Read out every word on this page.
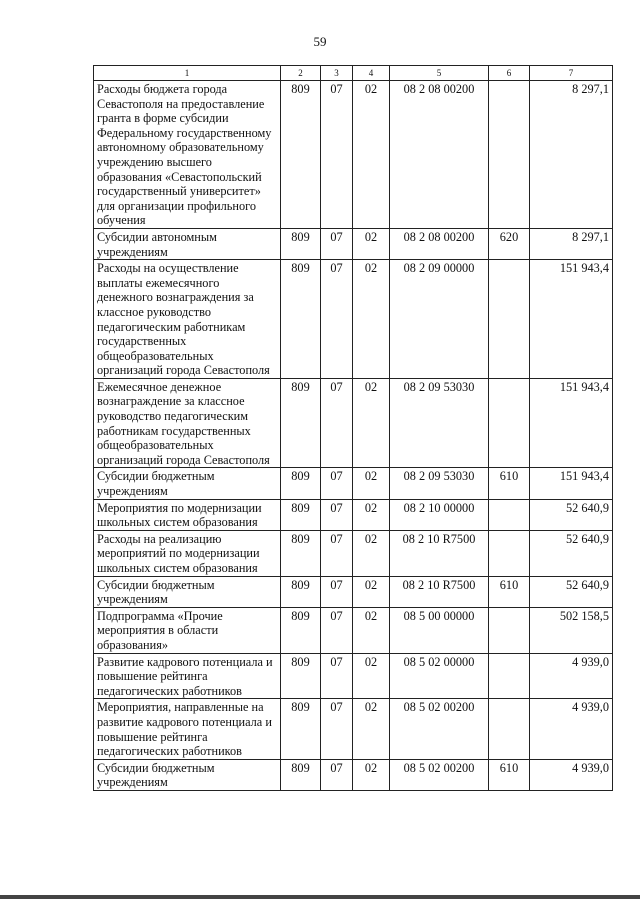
59
1	2	3	4	5	6	7
Расходы бюджета города Севастополя на предоставление гранта в форме субсидии Федеральному государственному автономному образовательному учреждению высшего образования «Севастопольский государственный университет» для организации профильного обучения	809	07	02	08 2 08 00200		8 297,1
Субсидии автономным учреждениям	809	07	02	08 2 08 00200	620	8 297,1
Расходы на осуществление выплаты ежемесячного денежного вознаграждения за классное руководство педагогическим работникам государственных общеобразовательных организаций города Севастополя	809	07	02	08 2 09 00000		151 943,4
Ежемесячное денежное вознаграждение за классное руководство педагогическим работникам государственных общеобразовательных организаций города Севастополя	809	07	02	08 2 09 53030		151 943,4
Субсидии бюджетным учреждениям	809	07	02	08 2 09 53030	610	151 943,4
Мероприятия по модернизации школьных систем образования	809	07	02	08 2 10 00000		52 640,9
Расходы на реализацию мероприятий по модернизации школьных систем образования	809	07	02	08 2 10 R7500		52 640,9
Субсидии бюджетным учреждениям	809	07	02	08 2 10 R7500	610	52 640,9
Подпрограмма «Прочие мероприятия в области образования»	809	07	02	08 5 00 00000		502 158,5
Развитие кадрового потенциала и повышение рейтинга педагогических работников	809	07	02	08 5 02 00000		4 939,0
Мероприятия, направленные на развитие кадрового потенциала и повышение рейтинга педагогических работников	809	07	02	08 5 02 00200		4 939,0
Субсидии бюджетным учреждениям	809	07	02	08 5 02 00200	610	4 939,0
